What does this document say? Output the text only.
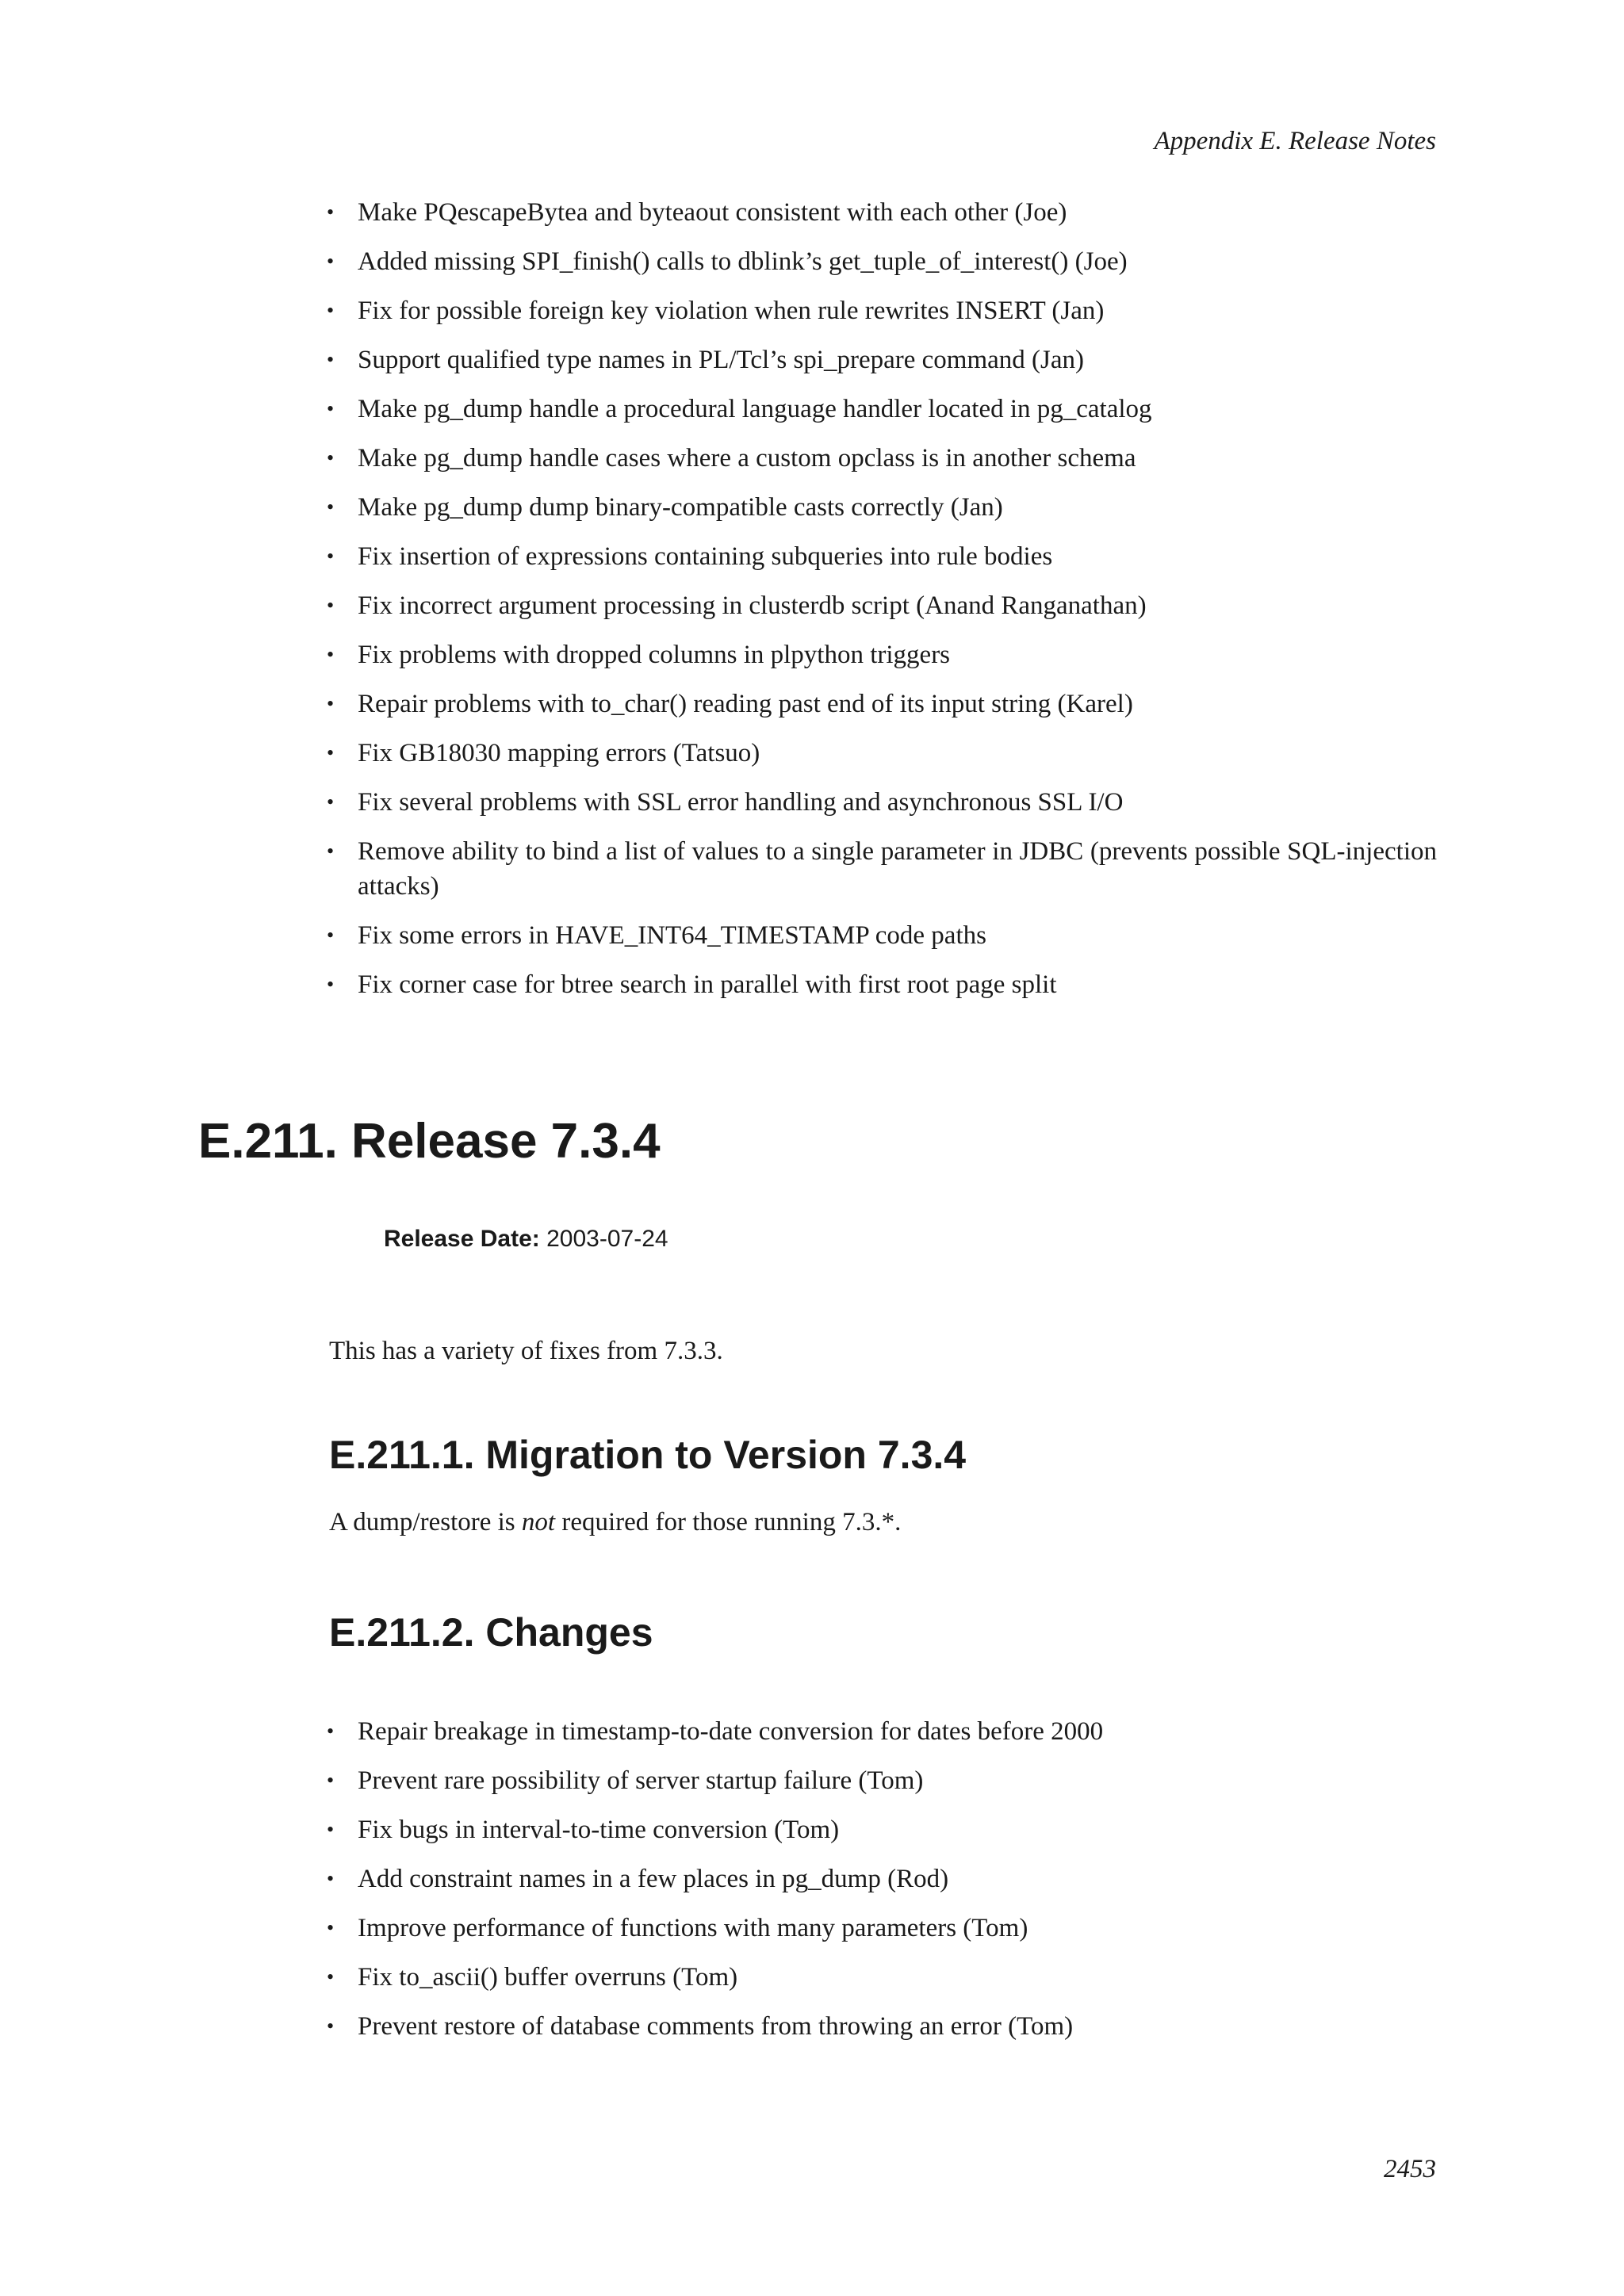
Appendix E. Release Notes
• Make PQescapeBytea and byteaout consistent with each other (Joe)
• Added missing SPI_finish() calls to dblink’s get_tuple_of_interest() (Joe)
• Fix for possible foreign key violation when rule rewrites INSERT (Jan)
• Support qualified type names in PL/Tcl’s spi_prepare command (Jan)
• Make pg_dump handle a procedural language handler located in pg_catalog
• Make pg_dump handle cases where a custom opclass is in another schema
• Make pg_dump dump binary-compatible casts correctly (Jan)
• Fix insertion of expressions containing subqueries into rule bodies
• Fix incorrect argument processing in clusterdb script (Anand Ranganathan)
• Fix problems with dropped columns in plpython triggers
• Repair problems with to_char() reading past end of its input string (Karel)
• Fix GB18030 mapping errors (Tatsuo)
• Fix several problems with SSL error handling and asynchronous SSL I/O
• Remove ability to bind a list of values to a single parameter in JDBC (prevents possible SQL-injection attacks)
• Fix some errors in HAVE_INT64_TIMESTAMP code paths
• Fix corner case for btree search in parallel with first root page split
E.211. Release 7.3.4
Release Date: 2003-07-24

This has a variety of fixes from 7.3.3.

E.211.1. Migration to Version 7.3.4

A dump/restore is not required for those running 7.3.*.

E.211.2. Changes
• Repair breakage in timestamp-to-date conversion for dates before 2000
• Prevent rare possibility of server startup failure (Tom)
• Fix bugs in interval-to-time conversion (Tom)
• Add constraint names in a few places in pg_dump (Rod)
• Improve performance of functions with many parameters (Tom)
• Fix to_ascii() buffer overruns (Tom)
• Prevent restore of database comments from throwing an error (Tom)
2453
